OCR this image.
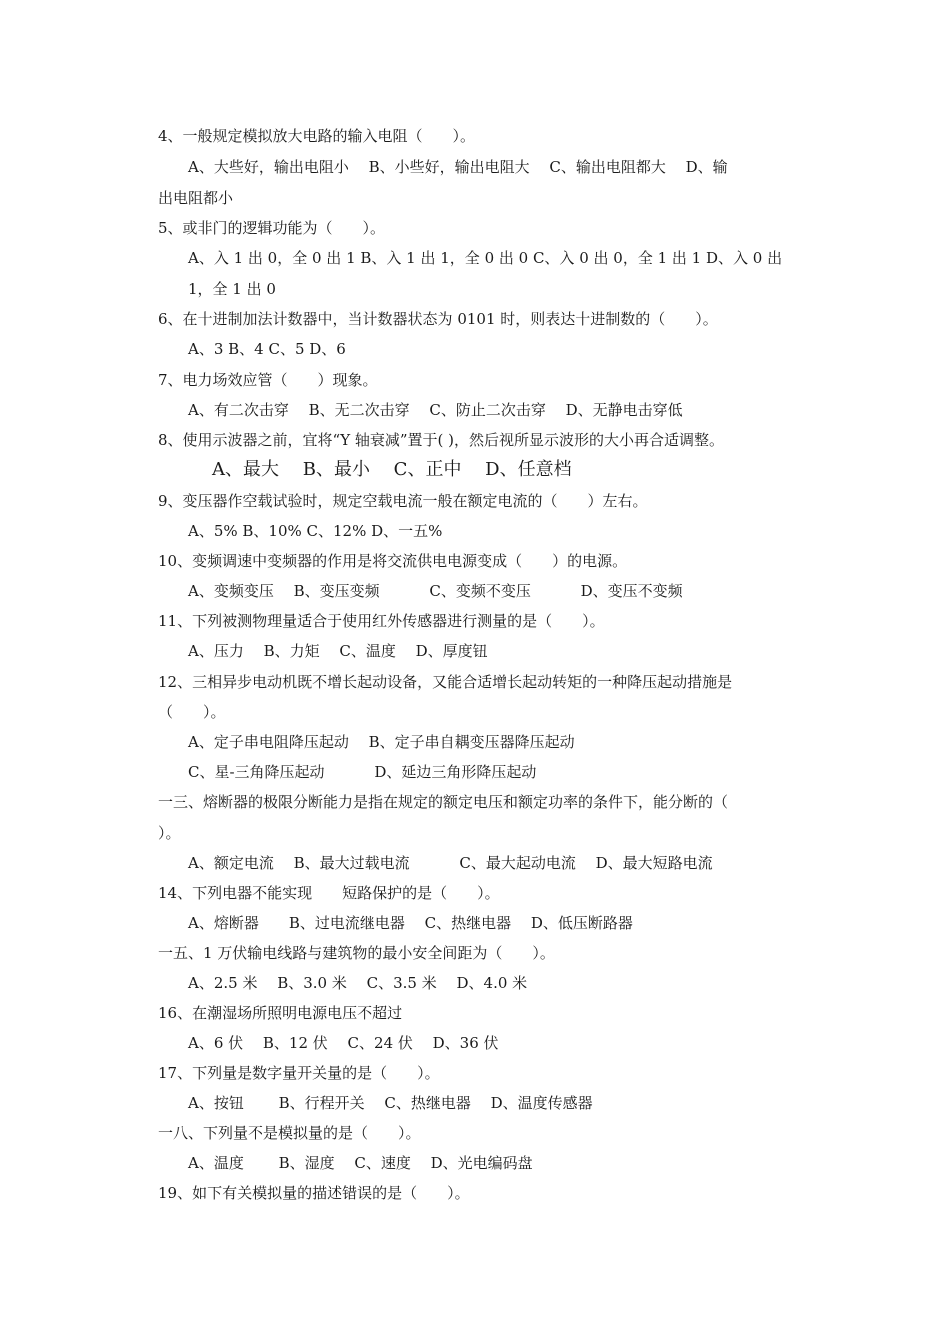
4、一般规定模拟放大电路的输入电阻（　　）。
A、大些好，输出电阻小　 B、小些好，输出电阻大　 C、输出电阻都大　 D、输
出电阻都小
5、或非门的逻辑功能为（　　）。
A、入 1 出 0，全 0 出 1 B、入 1 出 1，全 0 出 0 C、入 0 出 0，全 1 出 1 D、入 0 出
1，全 1 出 0
6、在十进制加法计数器中，当计数器状态为 0101 时，则表达十进制数的（　　）。
A、3 B、4 C、5 D、6
7、电力场效应管（　　）现象。
A、有二次击穿　 B、无二次击穿　 C、防止二次击穿　 D、无静电击穿低
8、使用示波器之前，宜将“Y 轴衰减”置于( )，然后视所显示波形的大小再合适调整。
A、最大　 B、最小　 C、正中　 D、任意档
9、变压器作空载试验时，规定空载电流一般在额定电流的（　　）左右。
A、5% B、10% C、12% D、一五%
10、变频调速中变频器的作用是将交流供电电源变成（　　）的电源。
A、变频变压　 B、变压变频　　　 C、变频不变压　　　 D、变压不变频
11、下列被测物理量适合于使用红外传感器进行测量的是（　　）。
A、压力　 B、力矩　 C、温度　 D、厚度钮
12、三相异步电动机既不增长起动设备，又能合适增长起动转矩的一种降压起动措施是
（　　）。
A、定子串电阻降压起动　 B、定子串自耦变压器降压起动
C、星-三角降压起动　　　 D、延边三角形降压起动
一三、熔断器的极限分断能力是指在规定的额定电压和额定功率的条件下，能分断的（
）。
A、额定电流　 B、最大过载电流　　　 C、最大起动电流　 D、最大短路电流
14、下列电器不能实现　　短路保护的是（　　）。
A、熔断器　　B、过电流继电器　 C、热继电器　 D、低压断路器
一五、1 万伏输电线路与建筑物的最小安全间距为（　　）。
A、2.5 米　 B、3.0 米　 C、3.5 米　 D、4.0 米
16、在潮湿场所照明电源电压不超过
A、6 伏　 B、12 伏　 C、24 伏　 D、36 伏
17、下列量是数字量开关量的是（　　）。
A、按钮　　 B、行程开关　 C、热继电器　 D、温度传感器
一八、下列量不是模拟量的是（　　）。
A、温度　　 B、湿度　 C、速度　 D、光电编码盘
19、如下有关模拟量的描述错误的是（　　）。
